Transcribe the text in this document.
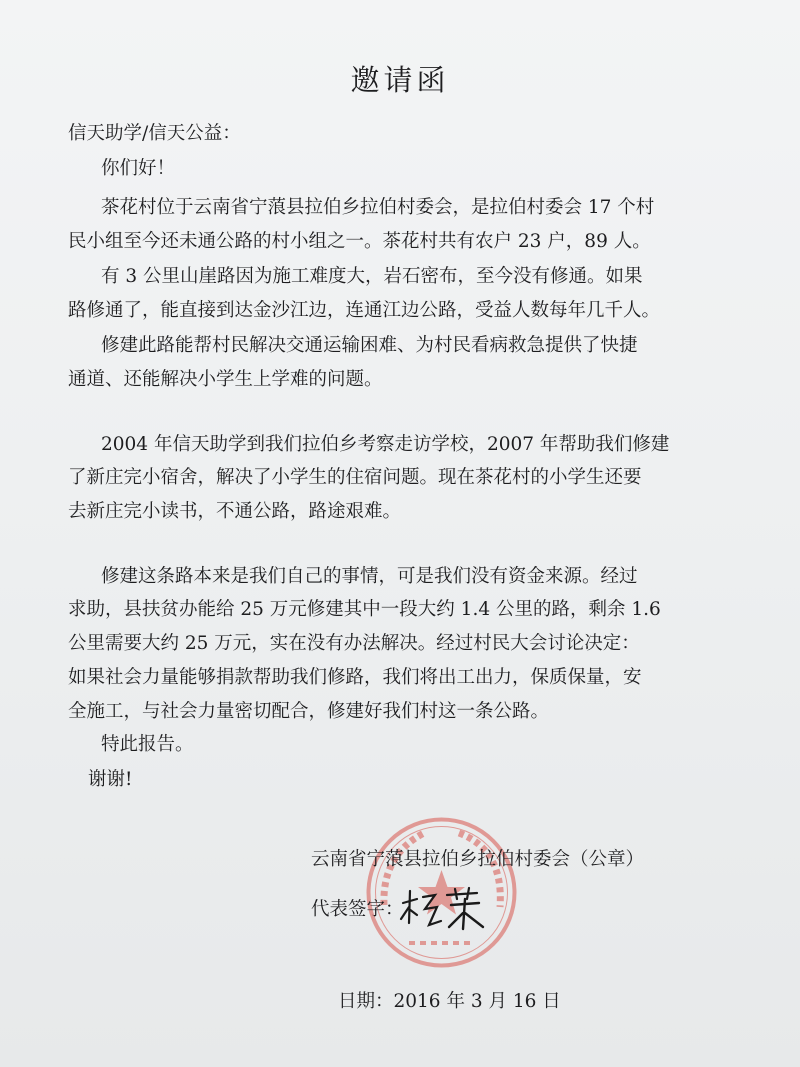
邀请函
信天助学/信天公益：
你们好！
茶花村位于云南省宁蒗县拉伯乡拉伯村委会，是拉伯村委会 17 个村
民小组至今还未通公路的村小组之一。茶花村共有农户 23 户，89 人。
有 3 公里山崖路因为施工难度大，岩石密布，至今没有修通。如果
路修通了，能直接到达金沙江边，连通江边公路，受益人数每年几千人。
修建此路能帮村民解决交通运输困难、为村民看病救急提供了快捷
通道、还能解决小学生上学难的问题。
2004 年信天助学到我们拉伯乡考察走访学校，2007 年帮助我们修建
了新庄完小宿舍，解决了小学生的住宿问题。现在茶花村的小学生还要
去新庄完小读书，不通公路，路途艰难。
修建这条路本来是我们自己的事情，可是我们没有资金来源。经过
求助，县扶贫办能给 25 万元修建其中一段大约 1.4 公里的路，剩余 1.6
公里需要大约 25 万元，实在没有办法解决。经过村民大会讨论决定：
如果社会力量能够捐款帮助我们修路，我们将出工出力，保质保量，安
全施工，与社会力量密切配合，修建好我们村这一条公路。
特此报告。
谢谢!
云南省宁蒗县拉伯乡拉伯村委会（公章）
代表签字：
日期：2016 年 3 月 16 日
